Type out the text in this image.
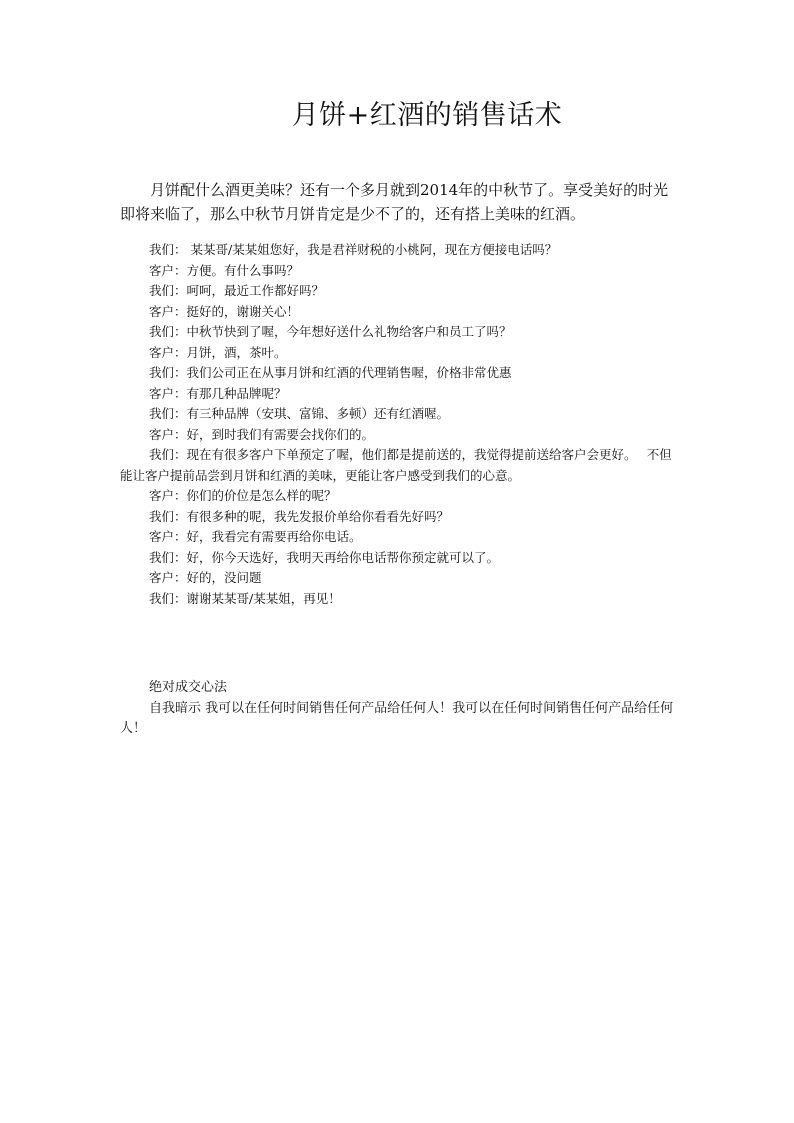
月饼+红酒的销售话术
月饼配什么酒更美味？还有一个多月就到2014年的中秋节了。享受美好的时光即将来临了，那么中秋节月饼肯定是少不了的，还有搭上美味的红酒。
我们： 某某哥/某某姐您好，我是君祥财税的小桃阿，现在方便接电话吗？
客户：方便。有什么事吗？
我们：呵呵，最近工作都好吗？
客户：挺好的，谢谢关心！
我们：中秋节快到了喔，今年想好送什么礼物给客户和员工了吗？
客户：月饼，酒，茶叶。
我们：我们公司正在从事月饼和红酒的代理销售喔，价格非常优惠
客户：有那几种品牌呢？
我们：有三种品牌（安琪、富锦、多顿）还有红酒喔。
客户：好，到时我们有需要会找你们的。
我们：现在有很多客户下单预定了喔，他们都是提前送的，我觉得提前送给客户会更好。　 不但能让客户提前品尝到月饼和红酒的美味，更能让客户感受到我们的心意。
客户：你们的价位是怎么样的呢？
我们：有很多种的呢，我先发报价单给你看看先好吗？
客户：好，我看完有需要再给你电话。
我们：好，你今天选好，我明天再给你电话帮你预定就可以了。
客户：好的，没问题
我们：谢谢某某哥/某某姐，再见！
绝对成交心法
自我暗示 我可以在任何时间销售任何产品给任何人！我可以在任何时间销售任何产品给任何人！
